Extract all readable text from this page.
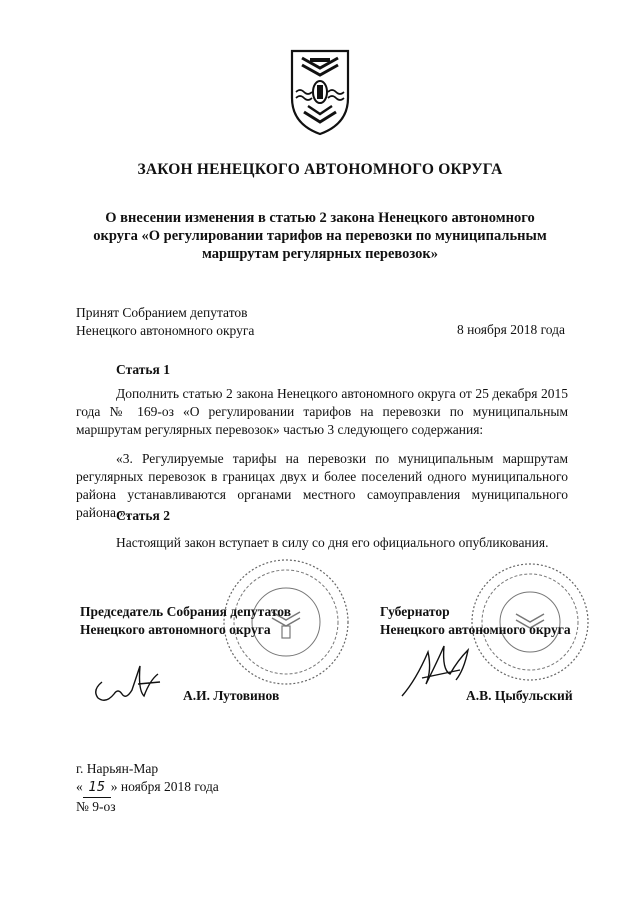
ЗАКОН НЕНЕЦКОГО АВТОНОМНОГО ОКРУГА
О внесении изменения в статью 2 закона Ненецкого автономного
округа «О регулировании тарифов на перевозки по муниципальным
маршрутам регулярных перевозок»
Принят Собранием депутатов
Ненецкого автономного округа	8 ноября 2018 года
Статья 1
Дополнить статью 2 закона Ненецкого автономного округа от 25 декабря 2015 года № 169-оз «О регулировании тарифов на перевозки по муниципальным маршрутам регулярных перевозок» частью 3 следующего содержания:
«3. Регулируемые тарифы на перевозки по муниципальным маршрутам регулярных перевозок в границах двух и более поселений одного муниципального района устанавливаются органами местного самоуправления муниципального района.».
Статья 2
Настоящий закон вступает в силу со дня его официального опубликования.
Председатель Собрания депутатов
Ненецкого автономного округа
Губернатор
Ненецкого автономного округа
А.И. Лутовинов	А.В. Цыбульский
г. Нарьян-Мар
« 15 » ноября 2018 года
№ 9-оз
